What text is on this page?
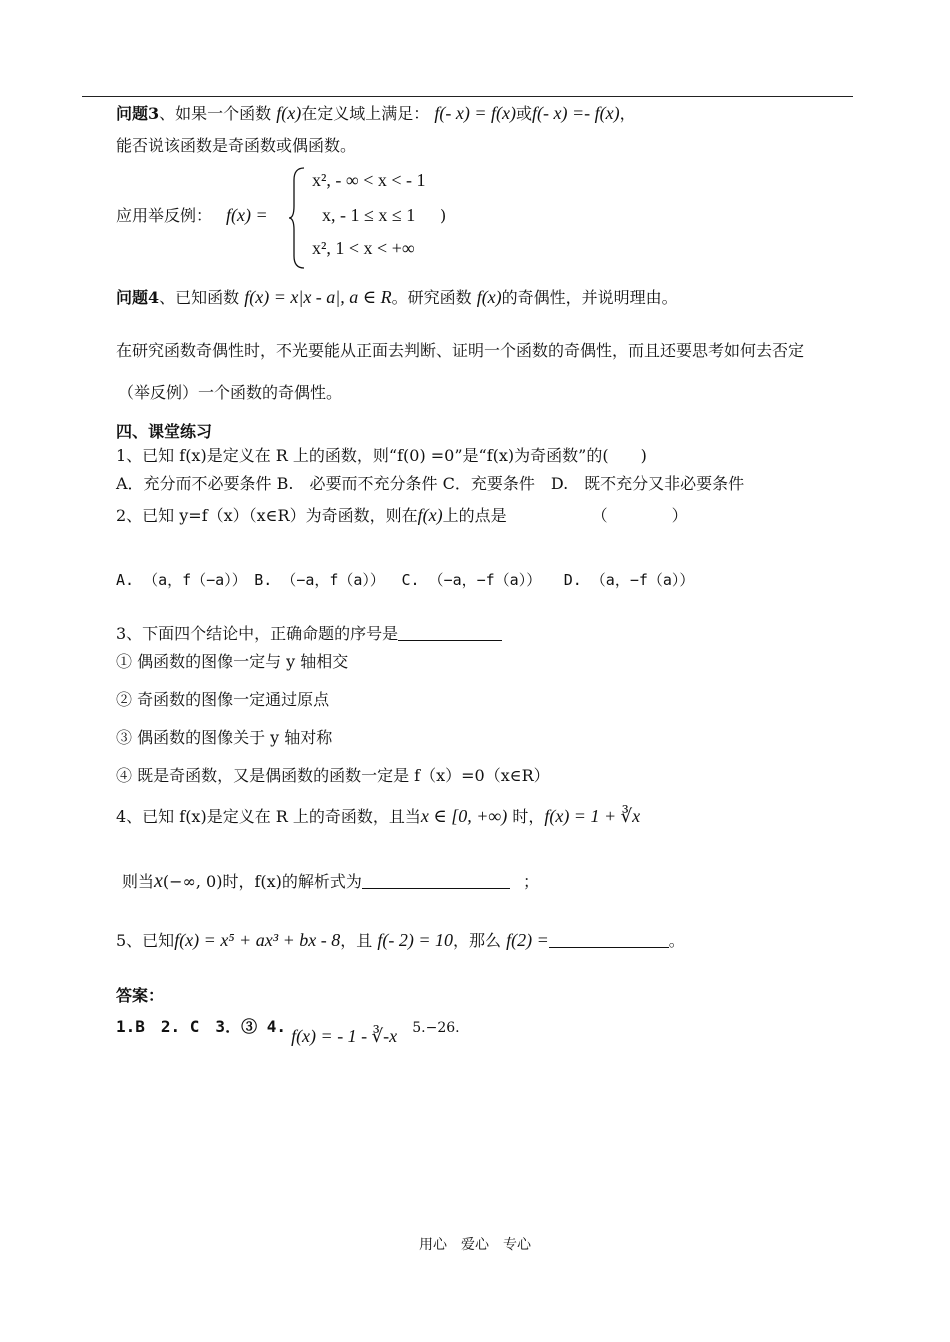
问题3、如果一个函数 f(x)在定义域上满足： f(- x) = f(x)或f(- x) =- f(x)，
能否说该函数是奇函数或偶函数。
应用举反例： f(x) =
x², - ∞ < x < - 1
x, - 1 ≤ x ≤ 1
x², 1 < x < +∞
)
问题4、已知函数 f(x) = x|x - a|, a ∈ R。研究函数 f(x)的奇偶性，并说明理由。
在研究函数奇偶性时，不光要能从正面去判断、证明一个函数的奇偶性，而且还要思考如何去否定
（举反例）一个函数的奇偶性。
四、课堂练习
1、已知 f(x)是定义在 R 上的函数，则“f(0) =0”是“f(x)为奇函数”的(　　)
A．充分而不必要条件 B.　必要而不充分条件 C．充要条件　D.　既不充分又非必要条件
2、已知 y=f（x）（x∈R）为奇函数，则在f(x)上的点是	（　　　　）
A. （a，f（−a））　B. （−a，f（a））　 C. （−a，−f（a））　　D. （a，−f（a））
3、下面四个结论中，正确命题的序号是
① 偶函数的图像一定与 y 轴相交
② 奇函数的图像一定通过原点
③ 偶函数的图像关于 y 轴对称
④ 既是奇函数，又是偶函数的函数一定是 f（x）=0（x∈R）
4、已知 f(x)是定义在 R 上的奇函数，且当x ∈ [0, +∞) 时，f(x) = 1 + ∛x
则当x(−∞, 0)时，f(x)的解析式为	；
5、已知f(x) = x⁵ + ax³ + bx - 8，且 f(- 2) = 10，那么 f(2) =	。
答案：
1.B　2. C　3．③ 4. f(x) = - 1 - ∛-x 5.−26.
用心　爱心　专心
